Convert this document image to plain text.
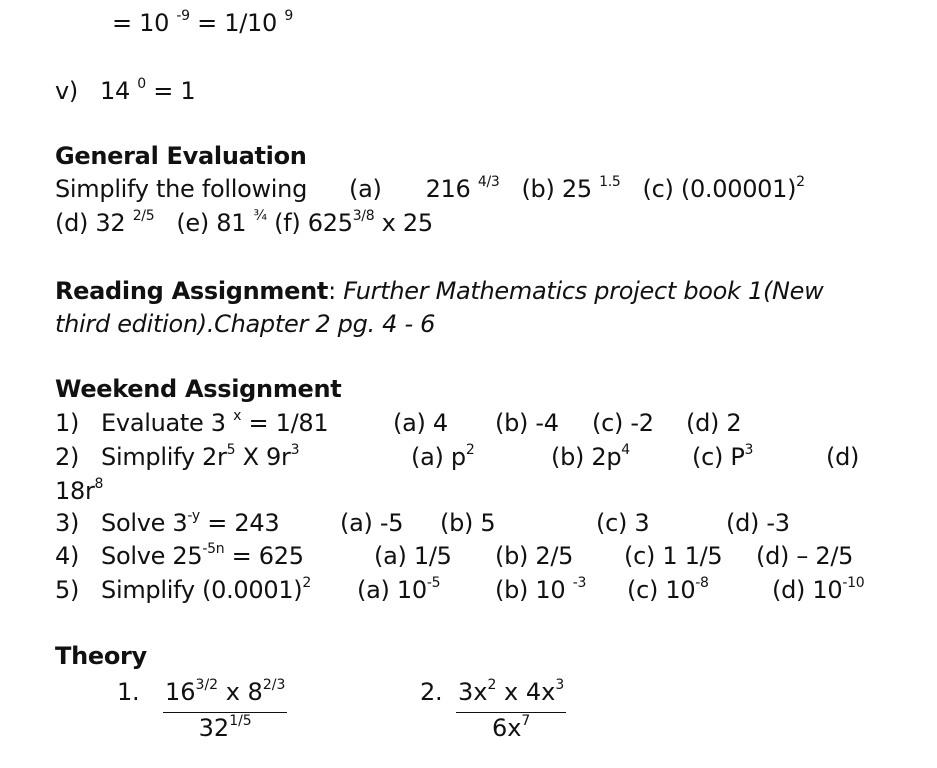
= 10 $^{-9}$ = 1/10 $^9$
v) 14 $^0$ = 1
General Evaluation
Simplify the following (a) 216 $^{4/3}$ (b) 25 $^{1.5}$ (c) $(0.00001)^2$
(d) 32 $^{2/5}$ (e) 81 $^{\frac{3}{4}}$ (f) $625^{3/8}$ x 25
Reading Assignment: Further Mathematics project book 1(New
third edition).Chapter 2 pg. 4 - 6
Weekend Assignment
1) Evaluate 3 $^x$ = 1/81	(a) 4 (b) -4 (c) -2 (d) 2
2) Simplify $2r^5$ X $9r^3$	(a) $p^2$	(b) $2p^4$	(c) $P^3$	(d)
$18r^8$
3) Solve $3^{-y} = 243$	(a) -5 (b) 5	(c) 3	(d) -3
4) Solve $25^{-5n} = 625$	(a) 1/5 (b) 2/5 (c) 1 1/5 (d) – 2/5
5) Simplify $(0.0001)^2$ (a) $10^{-5}$ (b) 10 $^{-3}$ (c) $10^{-8}$	(d) $10^{-10}$
Theory
1. $\frac{16^{3/2} x 8^{2/3}}{32^{1/5}}$	2. $\frac{3x^2 x 4x^3}{6x^7}$
